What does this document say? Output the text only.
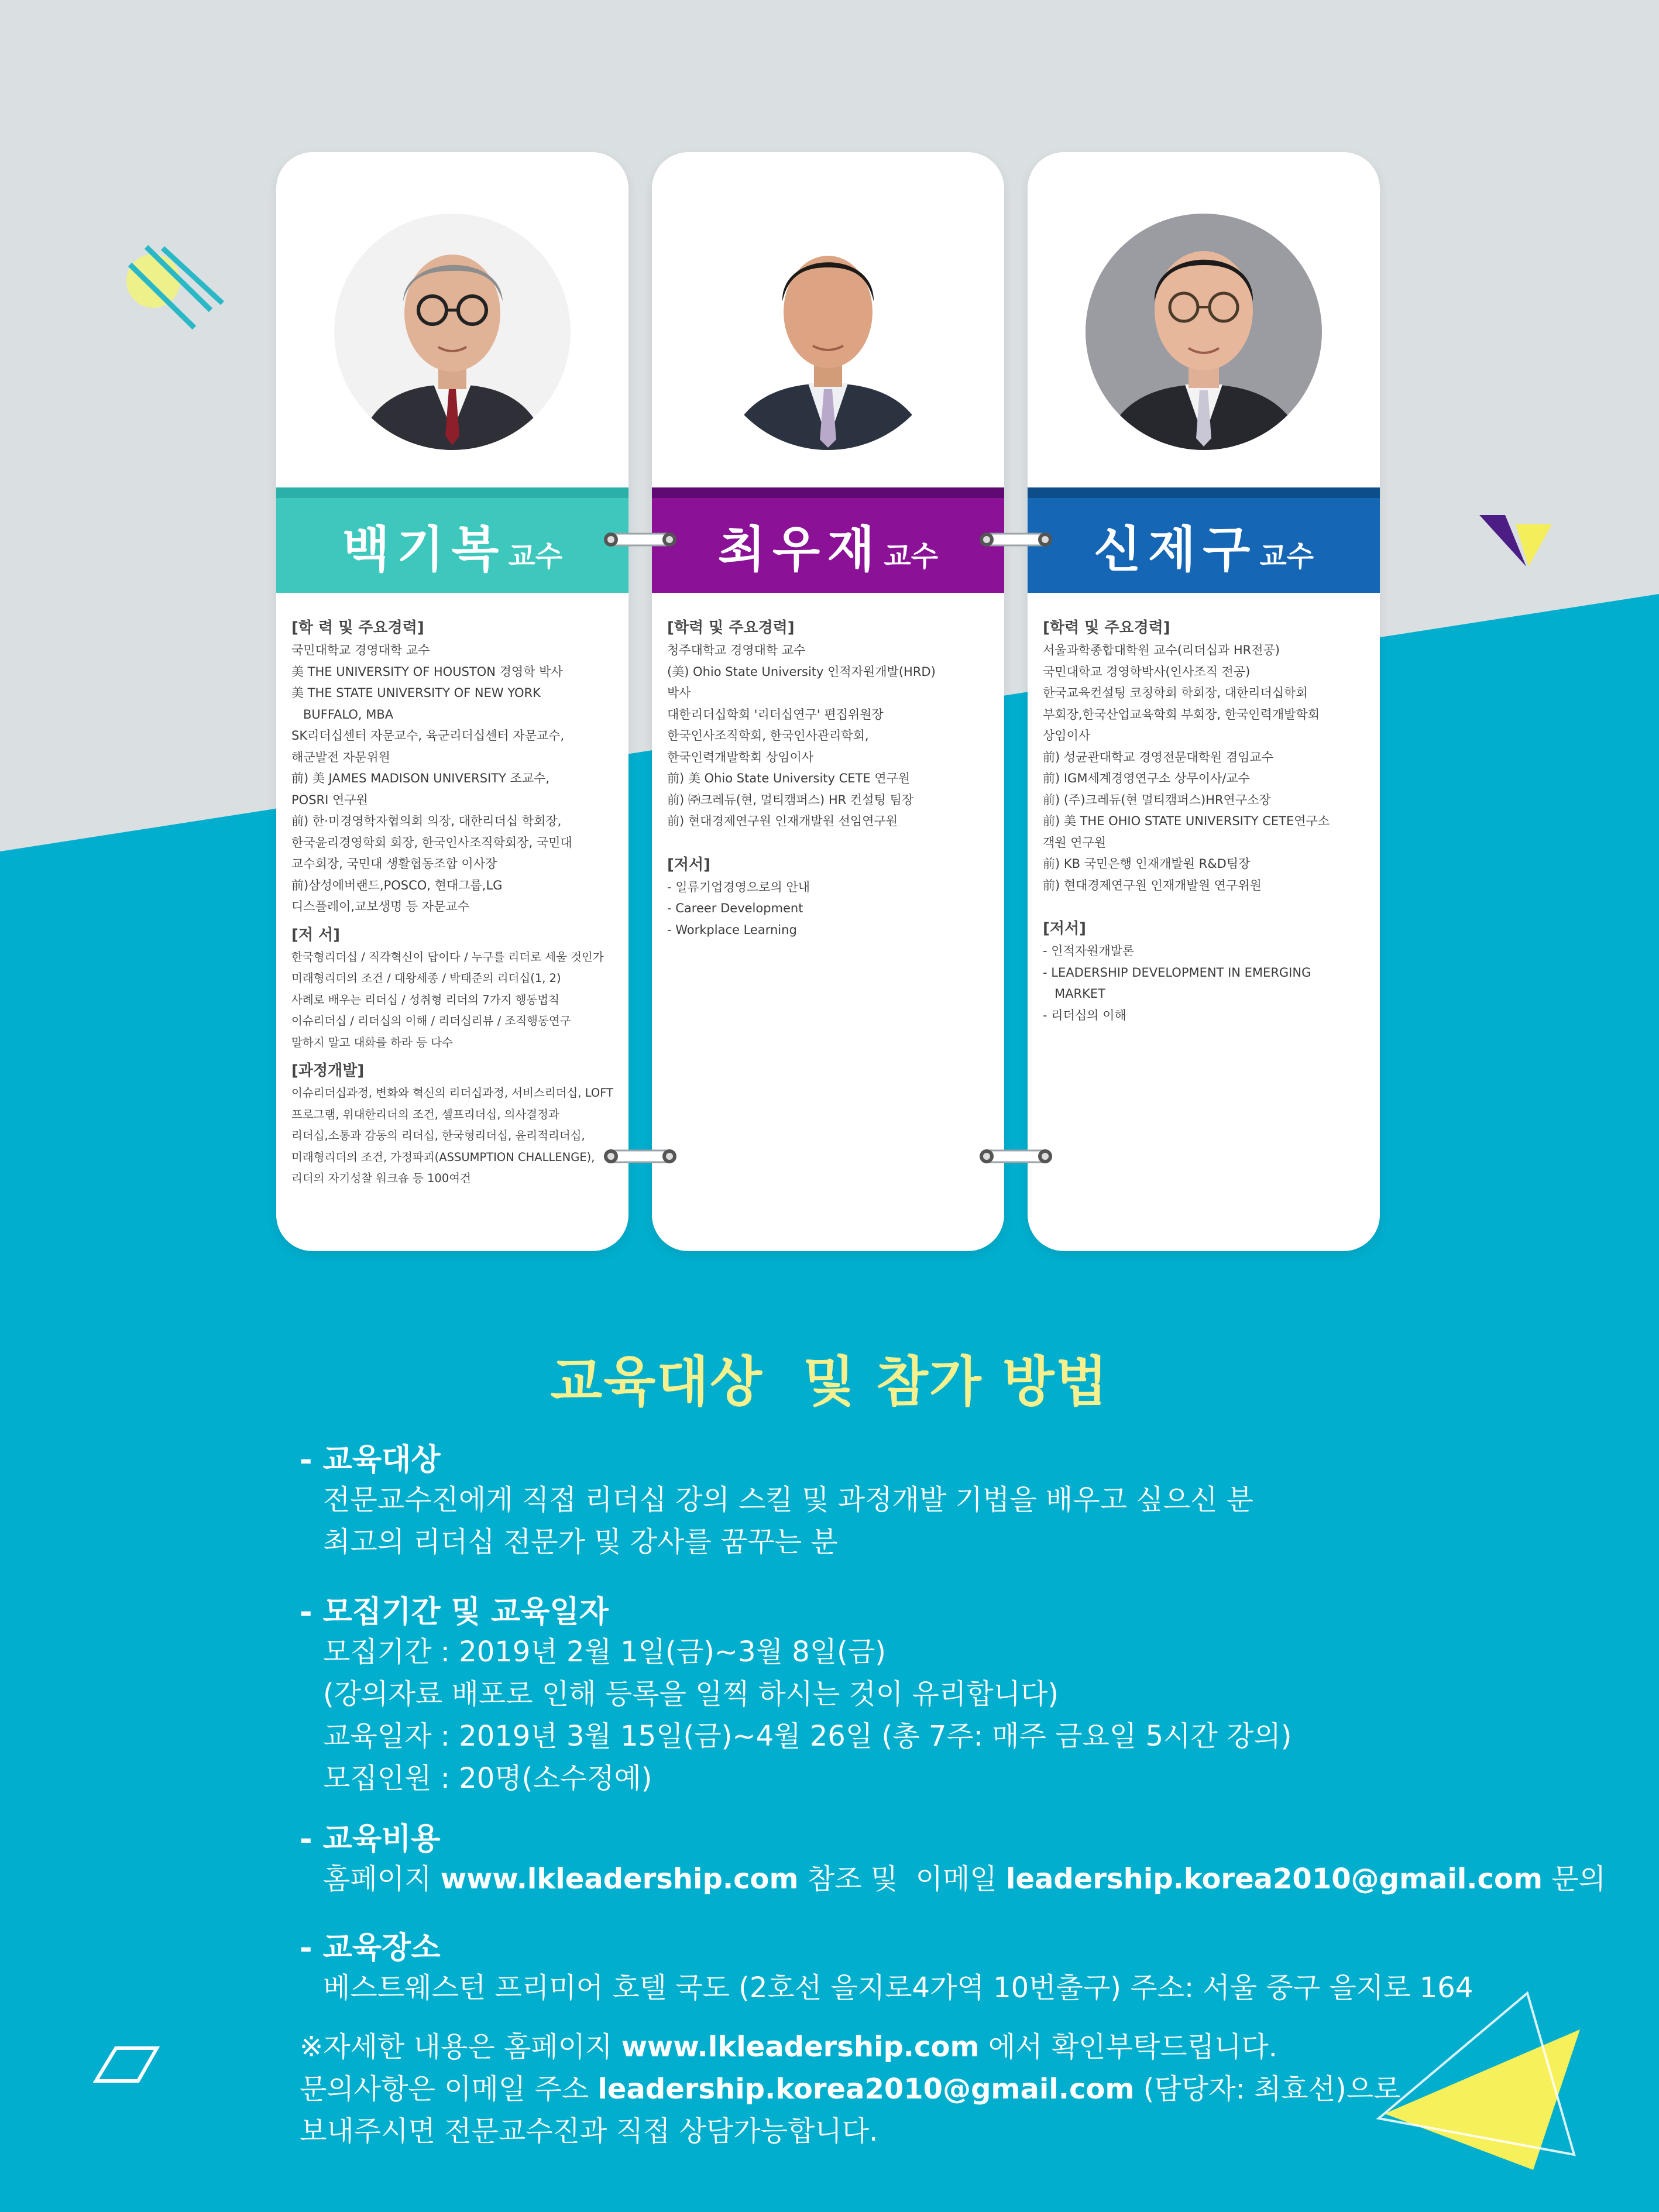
백기복 교수
[학 력 및 주요경력]
국민대학교 경영대학 교수
美 THE UNIVERSITY OF HOUSTON 경영학 박사
美 THE STATE UNIVERSITY OF NEW YORK
BUFFALO, MBA
SK리더십센터 자문교수, 육군리더십센터 자문교수,
해군발전 자문위원
前) 美 JAMES MADISON UNIVERSITY 조교수,
POSRI 연구원
前) 한·미경영학자협의회 의장, 대한리더십 학회장,
한국윤리경영학회 회장, 한국인사조직학회장, 국민대
교수회장, 국민대 생활협동조합 이사장
前)삼성에버랜드,POSCO, 현대그룹,LG
디스플레이,교보생명 등 자문교수
[저 서]
한국형리더십 / 직각혁신이 답이다 / 누구를 리더로 세울 것인가
미래형리더의 조건 / 대왕세종 / 박태준의 리더십(1, 2)
사례로 배우는 리더십 / 성취형 리더의 7가지 행동법칙
이슈리더십 / 리더십의 이해 / 리더십리뷰 / 조직행동연구
말하지 말고 대화를 하라 등 다수
[과정개발]
이슈리더십과정, 변화와 혁신의 리더십과정, 서비스리더십, LOFT
프로그램, 위대한리더의 조건, 셀프리더십, 의사결정과
리더십,소통과 감동의 리더십, 한국형리더십, 윤리적리더십,
미래형리더의 조건, 가정파괴(ASSUMPTION CHALLENGE),
리더의 자기성찰 워크숍 등 100여건
최우재 교수
[학력 및 주요경력]
청주대학교 경영대학 교수
(美) Ohio State University 인적자원개발(HRD)
박사
대한리더십학회 '리더십연구' 편집위원장
한국인사조직학회, 한국인사관리학회,
한국인력개발학회 상임이사
前) 美 Ohio State University CETE 연구원
前) ㈜크레듀(현, 멀티캠퍼스) HR 컨설팅 팀장
前) 현대경제연구원 인재개발원 선임연구원
[저서]
- 일류기업경영으로의 안내
- Career Development
- Workplace Learning
신제구 교수
[학력 및 주요경력]
서울과학종합대학원 교수(리더십과 HR전공)
국민대학교 경영학박사(인사조직 전공)
한국교육컨설팅 코칭학회 학회장, 대한리더십학회
부회장,한국산업교육학회 부회장, 한국인력개발학회
상임이사
前) 성균관대학교 경영전문대학원 겸임교수
前) IGM세계경영연구소 상무이사/교수
前) (주)크레듀(현 멀티캠퍼스)HR연구소장
前) 美 THE OHIO STATE UNIVERSITY CETE연구소
객원 연구원
前) KB 국민은행 인재개발원 R&D팀장
前) 현대경제연구원 인재개발원 연구위원
[저서]
- 인적자원개발론
- LEADERSHIP DEVELOPMENT IN EMERGING
MARKET
- 리더십의 이해
교육대상  및 참가 방법
- 교육대상
전문교수진에게 직접 리더십 강의 스킬 및 과정개발 기법을 배우고 싶으신 분
최고의 리더십 전문가 및 강사를 꿈꾸는 분
- 모집기간 및 교육일자
모집기간 : 2019년 2월 1일(금)~3월 8일(금)
(강의자료 배포로 인해 등록을 일찍 하시는 것이 유리합니다)
교육일자 : 2019년 3월 15일(금)~4월 26일 (총 7주: 매주 금요일 5시간 강의)
모집인원 : 20명(소수정예)
- 교육비용
홈페이지 www.lkleadership.com 참조 및  이메일 leadership.korea2010@gmail.com 문의
- 교육장소
베스트웨스턴 프리미어 호텔 국도 (2호선 을지로4가역 10번출구) 주소: 서울 중구 을지로 164
※자세한 내용은 홈페이지 www.lkleadership.com 에서 확인부탁드립니다.
문의사항은 이메일 주소 leadership.korea2010@gmail.com (담당자: 최효선)으로
보내주시면 전문교수진과 직접 상담가능합니다.
